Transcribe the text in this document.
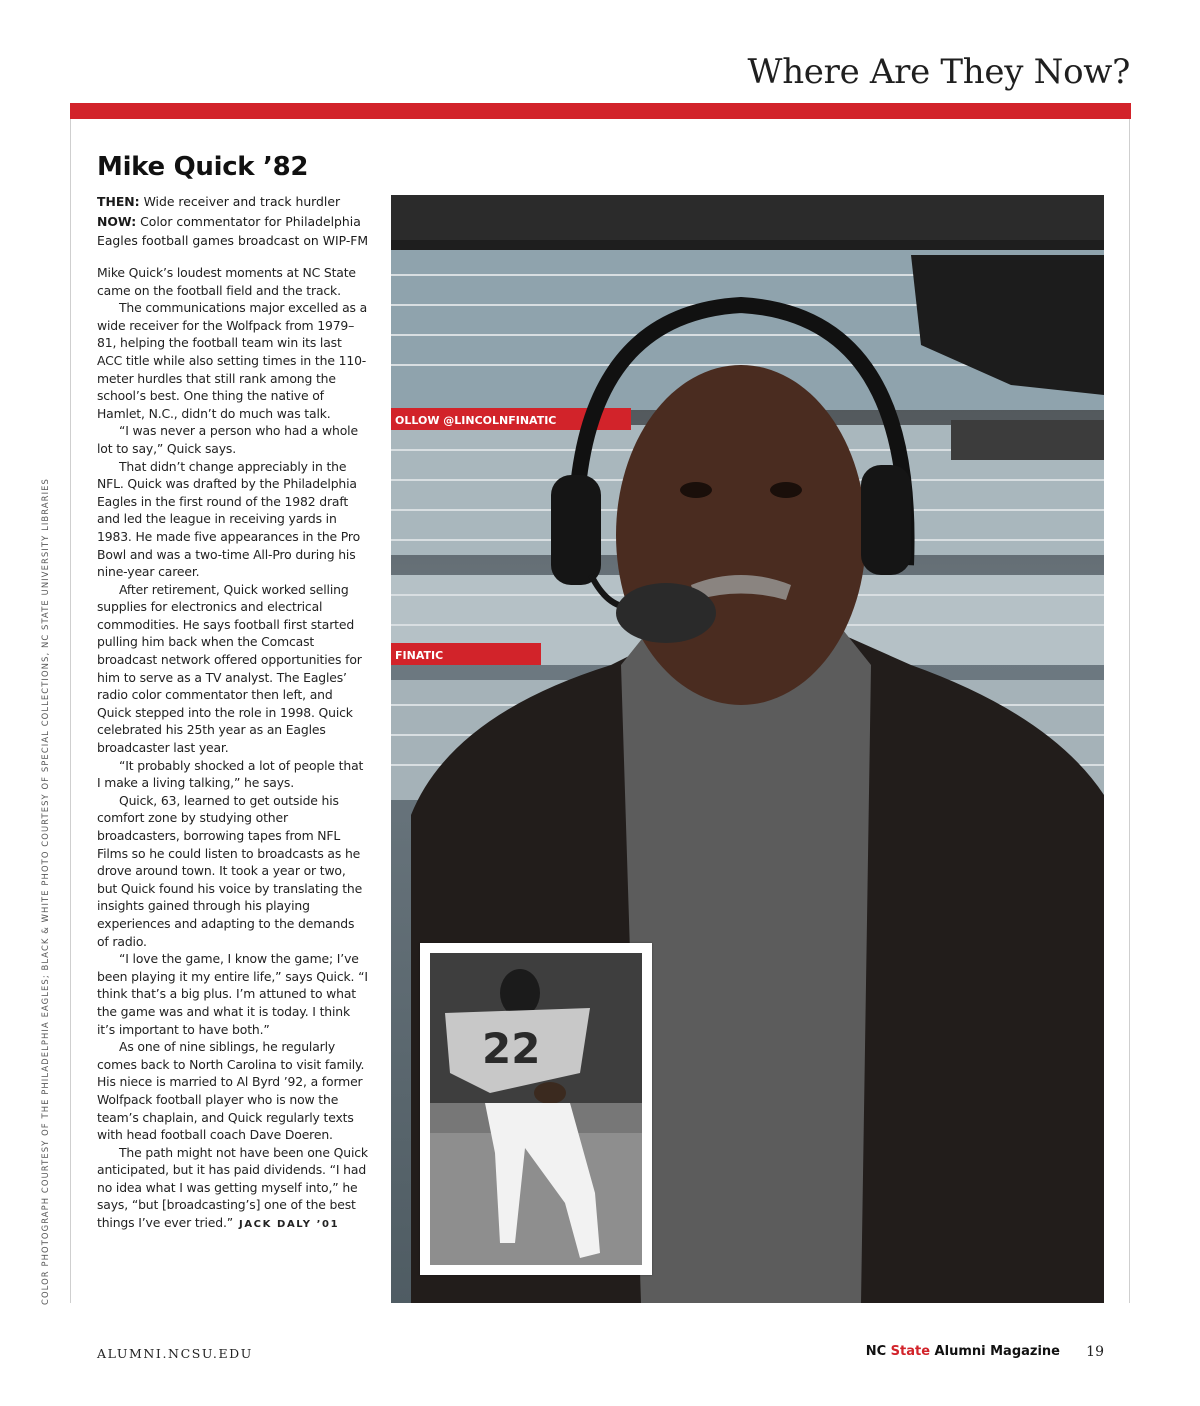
Where Are They Now?
COLOR PHOTOGRAPH COURTESY OF THE PHILADELPHIA EAGLES; BLACK & WHITE PHOTO COURTESY OF SPECIAL COLLECTIONS, NC STATE UNIVERSITY LIBRARIES
Mike Quick ’82
THEN: Wide receiver and track hurdler
NOW: Color commentator for Philadelphia Eagles football games broadcast on WIP-FM

Mike Quick’s loudest moments at NC State came on the football field and the track.

The communications major excelled as a wide receiver for the Wolfpack from 1979–81, helping the football team win its last ACC title while also setting times in the 110-meter hurdles that still rank among the school’s best. One thing the native of Hamlet, N.C., didn’t do much was talk.

“I was never a person who had a whole lot to say,” Quick says.

That didn’t change appreciably in the NFL. Quick was drafted by the Philadelphia Eagles in the first round of the 1982 draft and led the league in receiving yards in 1983. He made five appearances in the Pro Bowl and was a two-time All-Pro during his nine-year career.

After retirement, Quick worked selling supplies for electronics and electrical commodities. He says football first started pulling him back when the Comcast broadcast network offered opportunities for him to serve as a TV analyst. The Eagles’ radio color commentator then left, and Quick stepped into the role in 1998. Quick celebrated his 25th year as an Eagles broadcaster last year.

“It probably shocked a lot of people that I make a living talking,” he says.

Quick, 63, learned to get outside his comfort zone by studying other broadcasters, borrowing tapes from NFL Films so he could listen to broadcasts as he drove around town. It took a year or two, but Quick found his voice by translating the insights gained through his playing experiences and adapting to the demands of radio.

“I love the game, I know the game; I’ve been playing it my entire life,” says Quick. “I think that’s a big plus. I’m attuned to what the game was and what it is today. I think it’s important to have both.”

As one of nine siblings, he regularly comes back to North Carolina to visit family. His niece is married to Al Byrd ’92, a former Wolfpack football player who is now the team’s chaplain, and Quick regularly texts with head football coach Dave Doeren.

The path might not have been one Quick anticipated, but it has paid dividends. “I had no idea what I was getting myself into,” he says, “but [broadcasting’s] one of the best things I’ve ever tried.” JACK DALY ’01

OLLOW @LINCOLNFINATIC
FINATIC
22
ALUMNI.NCSU.EDU	NC State Alumni Magazine 19
